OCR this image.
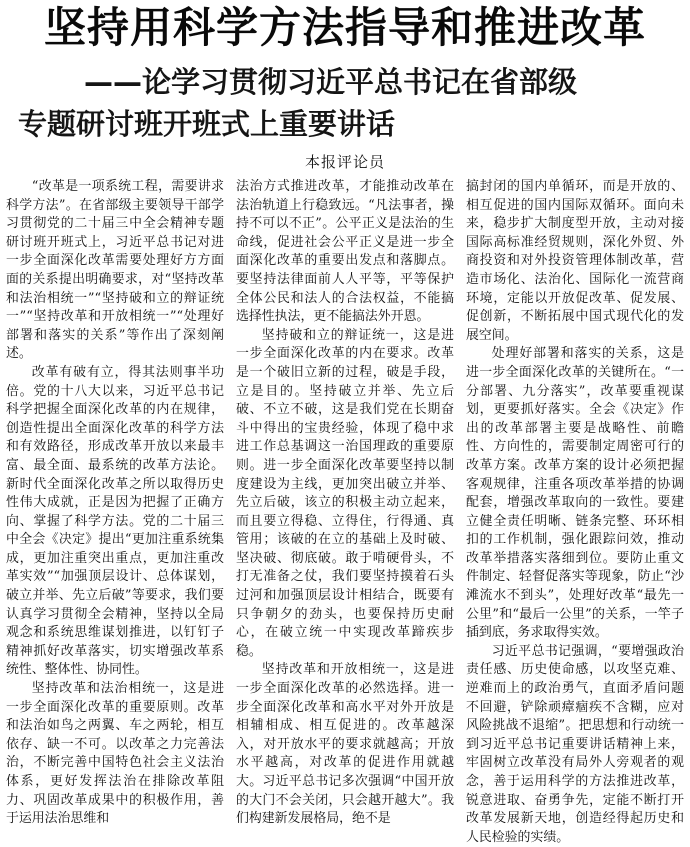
坚持用科学方法指导和推进改革
——论学习贯彻习近平总书记在省部级
专题研讨班开班式上重要讲话
本报评论员

“改革是一项系统工程，需要讲求科学方法”。在省部级主要领导干部学习贯彻党的二十届三中全会精神专题研讨班开班式上，习近平总书记对进一步全面深化改革需要处理好方方面面的关系提出明确要求，对“坚持改革和法治相统一”“坚持破和立的辩证统一”“坚持改革和开放相统一”“处理好部署和落实的关系”等作出了深刻阐述。

改革有破有立，得其法则事半功倍。党的十八大以来，习近平总书记科学把握全面深化改革的内在规律，创造性提出全面深化改革的科学方法和有效路径，形成改革开放以来最丰富、最全面、最系统的改革方法论。新时代全面深化改革之所以取得历史性伟大成就，正是因为把握了正确方向、掌握了科学方法。党的二十届三中全会《决定》提出“更加注重系统集成，更加注重突出重点，更加注重改革实效”“加强顶层设计、总体谋划，破立并举、先立后破”等要求，我们要认真学习贯彻全会精神，坚持以全局观念和系统思维谋划推进，以钉钉子精神抓好改革落实，切实增强改革系统性、整体性、协同性。

坚持改革和法治相统一，这是进一步全面深化改革的重要原则。改革和法治如鸟之两翼、车之两轮，相互依存、缺一不可。以改革之力完善法治，不断完善中国特色社会主义法治体系，更好发挥法治在排除改革阻力、巩固改革成果中的积极作用，善于运用法治思维和

法治方式推进改革，才能推动改革在法治轨道上行稳致远。“凡法事者，操持不可以不正”。公平正义是法治的生命线，促进社会公平正义是进一步全面深化改革的重要出发点和落脚点。要坚持法律面前人人平等，平等保护全体公民和法人的合法权益，不能搞选择性执法，更不能搞法外开恩。

坚持破和立的辩证统一，这是进一步全面深化改革的内在要求。改革是一个破旧立新的过程，破是手段，立是目的。坚持破立并举、先立后破、不立不破，这是我们党在长期奋斗中得出的宝贵经验，体现了稳中求进工作总基调这一治国理政的重要原则。进一步全面深化改革要坚持以制度建设为主线，更加突出破立并举、先立后破，该立的积极主动立起来，而且要立得稳、立得住，行得通、真管用；该破的在立的基础上及时破、坚决破、彻底破。敢于啃硬骨头，不打无准备之仗，我们要坚持摸着石头过河和加强顶层设计相结合，既要有只争朝夕的劲头，也要保持历史耐心，在破立统一中实现改革蹄疾步稳。

坚持改革和开放相统一，这是进一步全面深化改革的必然选择。进一步全面深化改革和高水平对外开放是相辅相成、相互促进的。改革越深入，对开放水平的要求就越高；开放水平越高，对改革的促进作用就越大。习近平总书记多次强调“中国开放的大门不会关闭，只会越开越大”。我们构建新发展格局，绝不是

搞封闭的国内单循环，而是开放的、相互促进的国内国际双循环。面向未来，稳步扩大制度型开放，主动对接国际高标准经贸规则，深化外贸、外商投资和对外投资管理体制改革，营造市场化、法治化、国际化一流营商环境，定能以开放促改革、促发展、促创新，不断拓展中国式现代化的发展空间。

处理好部署和落实的关系，这是进一步全面深化改革的关键所在。“一分部署、九分落实”，改革要重视谋划，更要抓好落实。全会《决定》作出的改革部署主要是战略性、前瞻性、方向性的，需要制定周密可行的改革方案。改革方案的设计必须把握客观规律，注重各项改革举措的协调配套，增强改革取向的一致性。要建立健全责任明晰、链条完整、环环相扣的工作机制，强化跟踪问效，推动改革举措落实落细到位。要防止重文件制定、轻督促落实等现象，防止“沙滩流水不到头”，处理好改革“最先一公里”和“最后一公里”的关系，一竿子插到底，务求取得实效。

习近平总书记强调，“要增强政治责任感、历史使命感，以攻坚克难、逆难而上的政治勇气，直面矛盾问题不回避，铲除顽瘴痼疾不含糊，应对风险挑战不退缩”。把思想和行动统一到习近平总书记重要讲话精神上来，牢固树立改革没有局外人旁观者的观念，善于运用科学的方法推进改革，锐意进取、奋勇争先，定能不断打开改革发展新天地，创造经得起历史和人民检验的实绩。
